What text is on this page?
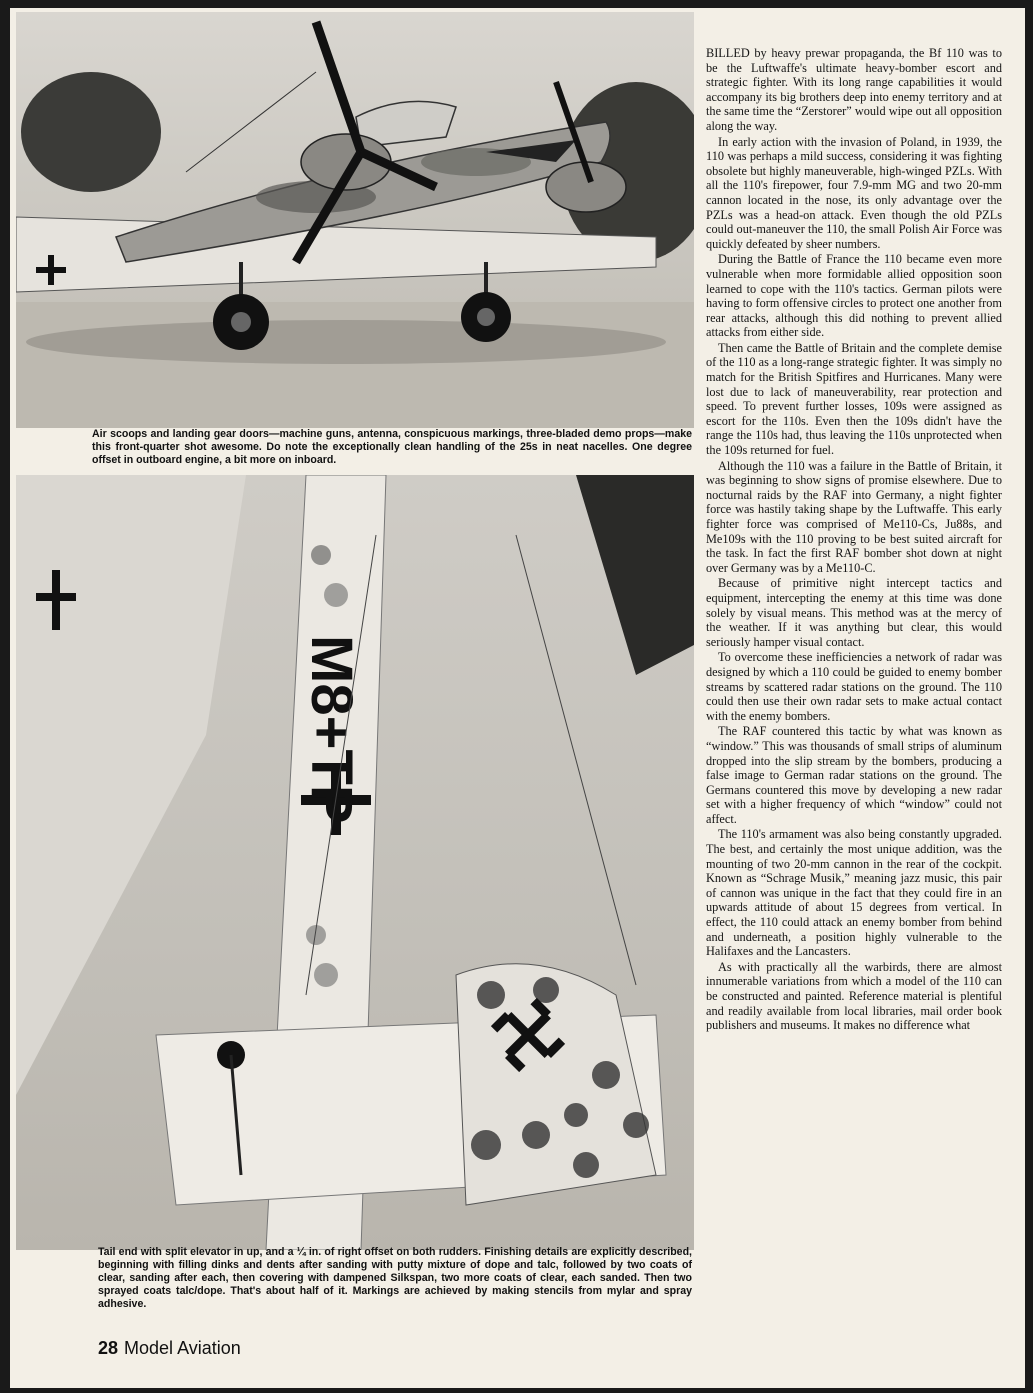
Air scoops and landing gear doors—machine guns, antenna, conspicuous markings, three-bladed demo props—make this front-quarter shot awesome. Do note the exceptionally clean handling of the 25s in neat nacelles. One degree offset in outboard engine, a bit more on inboard.

M8+TP

Tail end with split elevator in up, and a ¼ in. of right offset on both rudders. Finishing details are explicitly described, beginning with filling dinks and dents after sanding with putty mixture of dope and talc, followed by two coats of clear, sanding after each, then covering with dampened Silkspan, two more coats of clear, each sanded. Then two sprayed coats talc/dope. That's about half of it. Markings are achieved by making stencils from mylar and spray adhesive.

28 Model Aviation

BILLED by heavy prewar propaganda, the Bf 110 was to be the Luftwaffe's ultimate heavy-bomber escort and strategic fighter. With its long range capabilities it would accompany its big brothers deep into enemy territory and at the same time the “Zerstorer” would wipe out all opposition along the way.

In early action with the invasion of Poland, in 1939, the 110 was perhaps a mild success, considering it was fighting obsolete but highly maneuverable, high-winged PZLs. With all the 110's firepower, four 7.9-mm MG and two 20-mm cannon located in the nose, its only advantage over the PZLs was a head-on attack. Even though the old PZLs could out-maneuver the 110, the small Polish Air Force was quickly defeated by sheer numbers.

During the Battle of France the 110 became even more vulnerable when more formidable allied opposition soon learned to cope with the 110's tactics. German pilots were having to form offensive circles to protect one another from rear attacks, although this did nothing to prevent allied attacks from either side.

Then came the Battle of Britain and the complete demise of the 110 as a long-range strategic fighter. It was simply no match for the British Spitfires and Hurricanes. Many were lost due to lack of maneuverability, rear protection and speed. To prevent further losses, 109s were assigned as escort for the 110s. Even then the 109s didn't have the range the 110s had, thus leaving the 110s unprotected when the 109s returned for fuel.

Although the 110 was a failure in the Battle of Britain, it was beginning to show signs of promise elsewhere. Due to nocturnal raids by the RAF into Germany, a night fighter force was hastily taking shape by the Luftwaffe. This early fighter force was comprised of Me110-Cs, Ju88s, and Me109s with the 110 proving to be best suited aircraft for the task. In fact the first RAF bomber shot down at night over Germany was by a Me110-C.

Because of primitive night intercept tactics and equipment, intercepting the enemy at this time was done solely by visual means. This method was at the mercy of the weather. If it was anything but clear, this would seriously hamper visual contact.

To overcome these inefficiencies a network of radar was designed by which a 110 could be guided to enemy bomber streams by scattered radar stations on the ground. The 110 could then use their own radar sets to make actual contact with the enemy bombers.

The RAF countered this tactic by what was known as “window.” This was thousands of small strips of aluminum dropped into the slip stream by the bombers, producing a false image to German radar stations on the ground. The Germans countered this move by developing a new radar set with a higher frequency of which “window” could not affect.

The 110's armament was also being constantly upgraded. The best, and certainly the most unique addition, was the mounting of two 20-mm cannon in the rear of the cockpit. Known as “Schrage Musik,” meaning jazz music, this pair of cannon was unique in the fact that they could fire in an upwards attitude of about 15 degrees from vertical. In effect, the 110 could attack an enemy bomber from behind and underneath, a position highly vulnerable to the Halifaxes and the Lancasters.

As with practically all the warbirds, there are almost innumerable variations from which a model of the 110 can be constructed and painted. Reference material is plentiful and readily available from local libraries, mail order book publishers and museums. It makes no difference what
